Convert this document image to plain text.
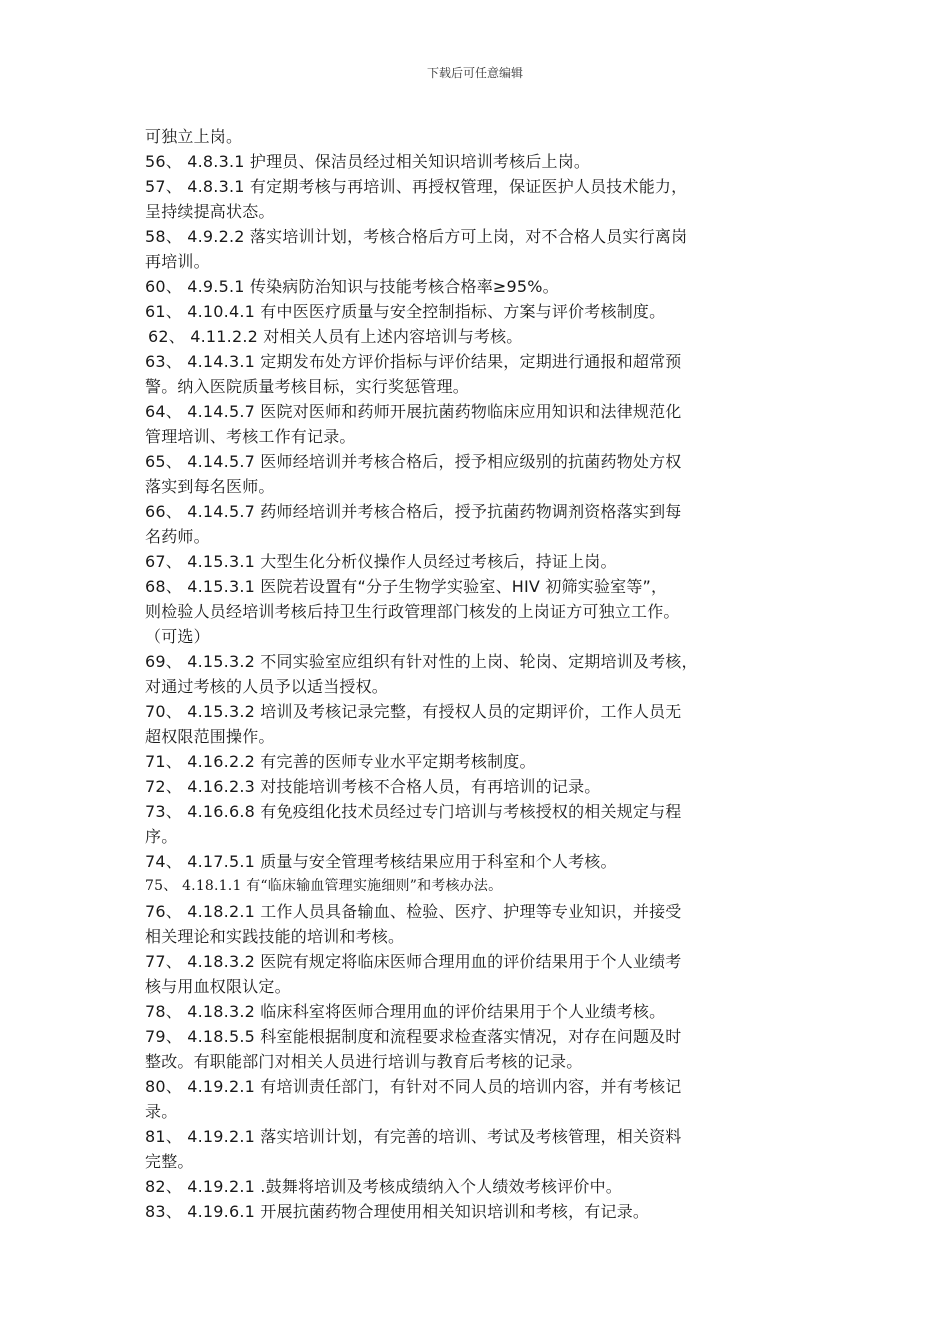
下载后可任意编辑
可独立上岗。
56、 4.8.3.1 护理员、保洁员经过相关知识培训考核后上岗。
57、 4.8.3.1 有定期考核与再培训、再授权管理，保证医护人员技术能力，
呈持续提高状态。
58、 4.9.2.2 落实培训计划，考核合格后方可上岗，对不合格人员实行离岗
再培训。
60、 4.9.5.1 传染病防治知识与技能考核合格率≥95%。
61、 4.10.4.1 有中医医疗质量与安全控制指标、方案与评价考核制度。
62、 4.11.2.2 对相关人员有上述内容培训与考核。
63、 4.14.3.1 定期发布处方评价指标与评价结果，定期进行通报和超常预
警。纳入医院质量考核目标，实行奖惩管理。
64、 4.14.5.7 医院对医师和药师开展抗菌药物临床应用知识和法律规范化
管理培训、考核工作有记录。
65、 4.14.5.7 医师经培训并考核合格后，授予相应级别的抗菌药物处方权
落实到每名医师。
66、 4.14.5.7 药师经培训并考核合格后，授予抗菌药物调剂资格落实到每
名药师。
67、 4.15.3.1 大型生化分析仪操作人员经过考核后，持证上岗。
68、 4.15.3.1 医院若设置有“分子生物学实验室、HIV 初筛实验室等”，
则检验人员经培训考核后持卫生行政管理部门核发的上岗证方可独立工作。
（可选）
69、 4.15.3.2 不同实验室应组织有针对性的上岗、轮岗、定期培训及考核，
对通过考核的人员予以适当授权。
70、 4.15.3.2 培训及考核记录完整，有授权人员的定期评价，工作人员无
超权限范围操作。
71、 4.16.2.2 有完善的医师专业水平定期考核制度。
72、 4.16.2.3 对技能培训考核不合格人员，有再培训的记录。
73、 4.16.6.8 有免疫组化技术员经过专门培训与考核授权的相关规定与程
序。
74、 4.17.5.1 质量与安全管理考核结果应用于科室和个人考核。
75、 4.18.1.1 有“临床输血管理实施细则”和考核办法。
76、 4.18.2.1 工作人员具备输血、检验、医疗、护理等专业知识，并接受
相关理论和实践技能的培训和考核。
77、 4.18.3.2 医院有规定将临床医师合理用血的评价结果用于个人业绩考
核与用血权限认定。
78、 4.18.3.2 临床科室将医师合理用血的评价结果用于个人业绩考核。
79、 4.18.5.5 科室能根据制度和流程要求检查落实情况，对存在问题及时
整改。有职能部门对相关人员进行培训与教育后考核的记录。
80、 4.19.2.1 有培训责任部门，有针对不同人员的培训内容，并有考核记
录。
81、 4.19.2.1 落实培训计划，有完善的培训、考试及考核管理，相关资料
完整。
82、 4.19.2.1 .鼓舞将培训及考核成绩纳入个人绩效考核评价中。
83、 4.19.6.1 开展抗菌药物合理使用相关知识培训和考核，有记录。
